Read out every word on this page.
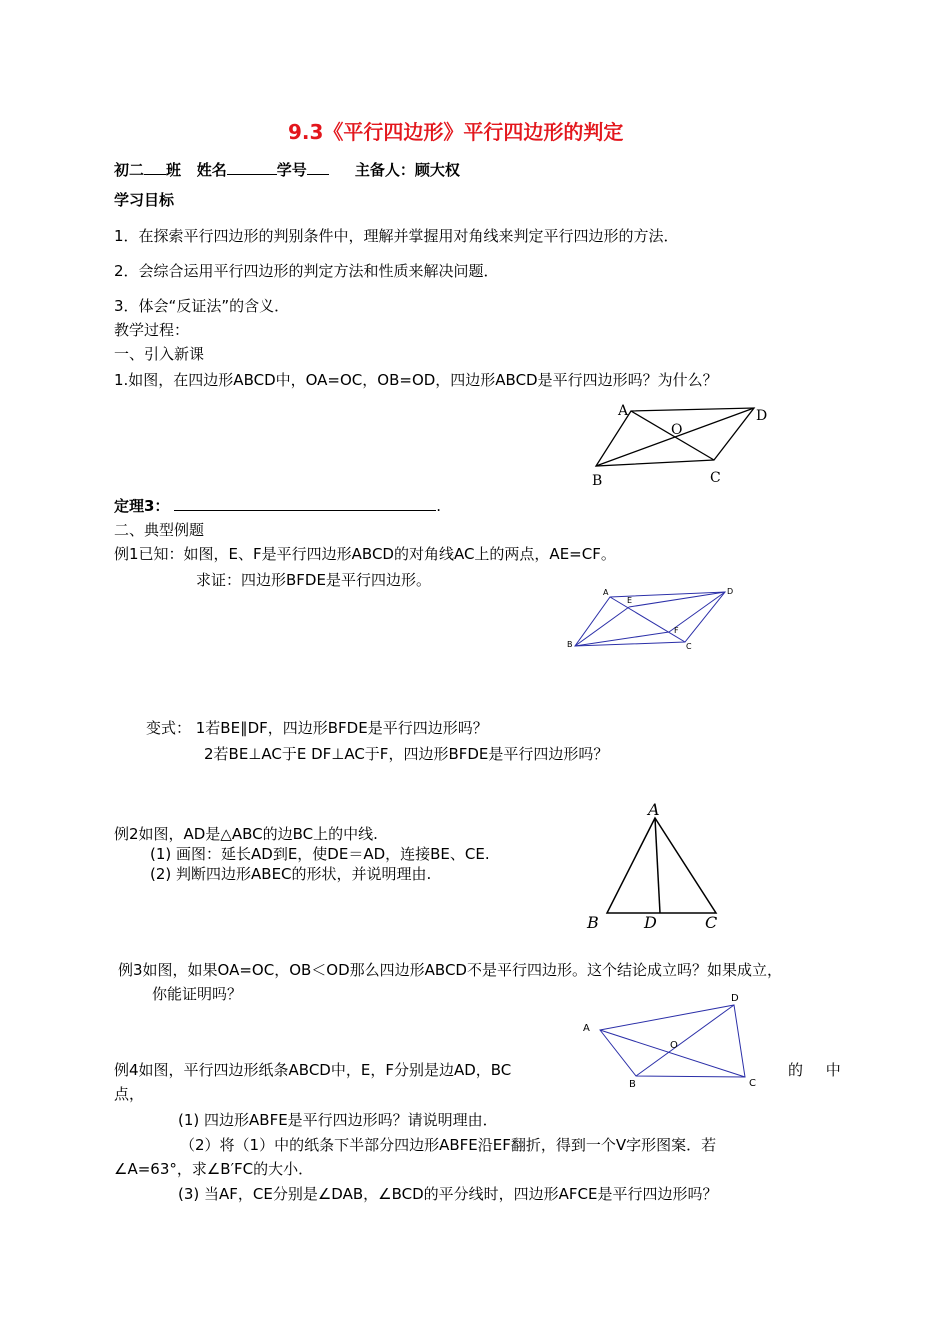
9.3《平行四边形》平行四边形的判定
初二 班 姓名	学号	主备人：顾大权
学习目标
1．在探索平行四边形的判别条件中，理解并掌握用对角线来判定平行四边形的方法．
2．会综合运用平行四边形的判定方法和性质来解决问题．
3．体会“反证法”的含义．
教学过程：
一、引入新课
1.如图，在四边形ABCD中，OA=OC，OB=OD，四边形ABCD是平行四边形吗？为什么？
A	D
O
B	C
定理3：	.
二、典型例题
例1已知：如图，E、F是平行四边形ABCD的对角线AC上的两点，AE=CF。
求证：四边形BFDE是平行四边形。
A
E
D
F
B	C
变式： 1若BE∥DF，四边形BFDE是平行四边形吗？
2若BE⊥AC于E DF⊥AC于F，四边形BFDE是平行四边形吗？
A
B	D	C
例2如图，AD是△ABC的边BC上的中线.
(1) 画图：延长AD到E，使DE＝AD，连接BE、CE.
(2) 判断四边形ABEC的形状，并说明理由.
例3如图，如果OA=OC，OB＜OD那么四边形ABCD不是平行四边形。这个结论成立吗？如果成立，
你能证明吗？	D
A
O
B	C
例4如图，平行四边形纸条ABCD中，E，F分别是边AD，BC	的 中
点，
(1) 四边形ABFE是平行四边形吗？请说明理由．
（2）将（1）中的纸条下半部分四边形ABFE沿EF翻折，得到一个V字形图案．若
∠A=63°，求∠B′FC的大小．
(3) 当AF，CE分别是∠DAB，∠BCD的平分线时，四边形AFCE是平行四边形吗？
